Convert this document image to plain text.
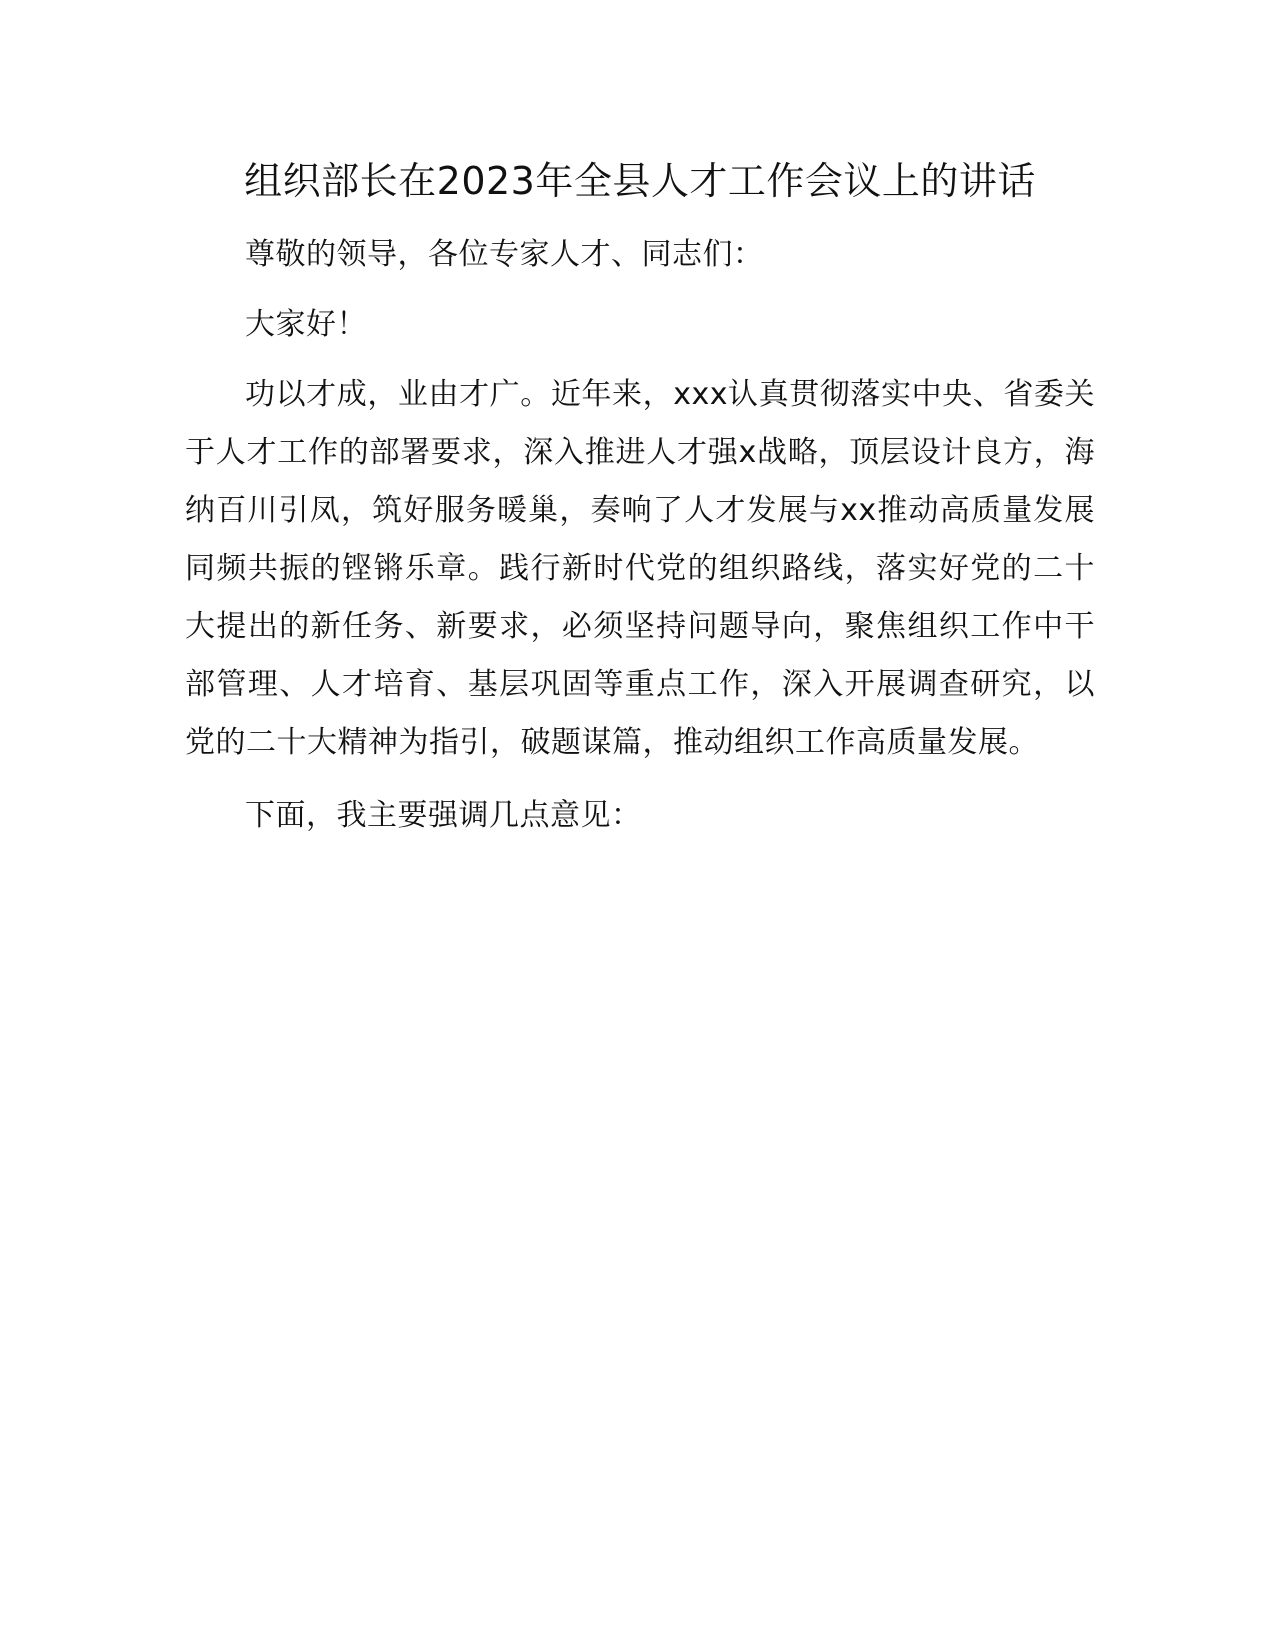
组织部长在2023年全县人才工作会议上的讲话

尊敬的领导，各位专家人才、同志们：

大家好！

功以才成，业由才广。近年来，xxx认真贯彻落实中央、省委关于人才工作的部署要求，深入推进人才强x战略，顶层设计良方，海纳百川引凤，筑好服务暖巢，奏响了人才发展与xx推动高质量发展同频共振的铿锵乐章。践行新时代党的组织路线，落实好党的二十大提出的新任务、新要求，必须坚持问题导向，聚焦组织工作中干部管理、人才培育、基层巩固等重点工作，深入开展调查研究，以党的二十大精神为指引，破题谋篇，推动组织工作高质量发展。

下面，我主要强调几点意见：
